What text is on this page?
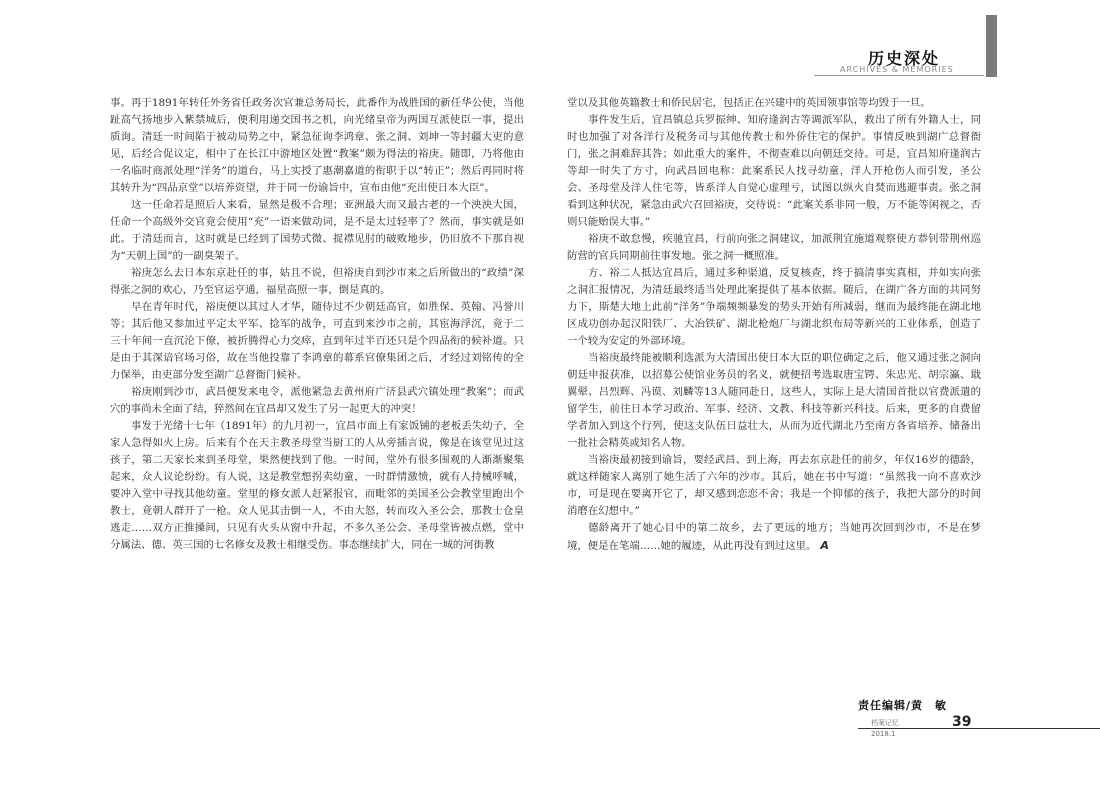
历史深处
ARCHIVES & MEMORIES

事。再于1891年转任外务省任政务次官兼总务局长，此番作为战胜国的新任华公使，当他趾高气扬地步入紫禁城后，便利用递交国书之机，向光绪皇帝为两国互派使臣一事，提出质询。清廷一时间陷于被动局势之中，紧急征询李鸿章、张之洞、刘坤一等封疆大吏的意见，后经合促议定，相中了在长江中游地区处置“教案”颇为得法的裕庚。随即，乃将他由一名临时商派处理“洋务”的道台，马上实授了惠潮嘉道的衔职于以“转正”；然后再同时将其转升为“四品京堂”以培养资望，并于同一份谕旨中，宣布由他“充出使日本大臣”。

这一任命若是照后人来看，显然是极不合理；亚洲最大而又最古老的一个泱泱大国，任命一个高级外交官竟会使用“充”一语来做动词，是不是太过轻率了？然而，事实就是如此。于清廷而言，这时就是已经到了国势式微、捉襟见肘的破败地步，仍旧放不下那自视为“天朝上国”的一副臭架子。

裕庚怎么去日本东京赴任的事，姑且不说，但裕庚自到沙市来之后所做出的“政绩”深得张之洞的欢心，乃至官运亨通，福星高照一事，倒是真的。

早在青年时代，裕庚便以其过人才华，随侍过不少朝廷高官，如胜保、英翰、冯誉川等；其后他又参加过平定太平军、捻军的战争，可直到来沙市之前，其宦海浮沉，竟于二三十年间一直沉沦下僚，被折腾得心力交瘁，直到年过半百还只是个四品衔的候补道。只是由于其深谙官场习俗，故在当他投靠了李鸿章的幕系官僚集团之后，才经过刘铭传的全力保举，由吏部分发至湖广总督衙门候补。

裕庚刚到沙市，武昌便发来电令，派他紧急去黄州府广济县武穴镇处理“教案”；而武穴的事尚未全面了结，猝然间在宜昌却又发生了另一起更大的冲突！

事发于光绪十七年（1891年）的九月初一，宜昌市面上有家饭铺的老板丢失幼子，全家人急得如火上房。后来有个在天主教圣母堂当厨工的人从旁插言说，像是在该堂见过这孩子，第二天家长来到圣母堂，果然便找到了他。一时间，堂外有很多围观的人渐渐聚集起来，众人议论纷纷。有人说，这是教堂想拐卖幼童，一时群情激愤，就有人持械呼喊，要冲入堂中寻找其他幼童。堂里的修女派人赶紧报官，而毗邻的美国圣公会教堂里跑出个教士，竟朝人群开了一枪。众人见其击倒一人，不由大怒，转而攻入圣公会，那教士仓皇逃走……双方正推搡间，只见有火头从窗中升起，不多久圣公会、圣母堂皆被点燃，堂中分属法、德、英三国的七名修女及教士相继受伤。事态继续扩大，同在一城的河街教

堂以及其他英籍教士和侨民居宅，包括正在兴建中的英国领事馆等均毁于一旦。

事件发生后，宜昌镇总兵罗振绅、知府逢润古等调派军队，救出了所有外籍人士，同时也加强了对各洋行及税务司与其他传教士和外侨住宅的保护。事情反映到湖广总督衙门，张之洞难辞其咎；如此重大的案件，不彻查难以向朝廷交待。可是，宜昌知府逢润古等却一时失了方寸，向武昌回电称：此案系民人找寻幼童，洋人开枪伤人而引发，圣公会、圣母堂及洋人住宅等，皆系洋人自觉心虚理亏，试图以纵火自焚而逃避事责。张之洞看到这种状况，紧急由武穴召回裕庚，交待说：“此案关系非同一般，万不能等闲视之，否则只能贻误大事。”

裕庚不敢怠慢，疾驰宜昌，行前向张之洞建议，加派荆宜施道观察使方恭钊带荆州巡防营的官兵同期前往事发地。张之洞一概照准。

方、裕二人抵达宜昌后，通过多种渠道，反复核查，终于搞清事实真相，并如实向张之洞汇报情况，为清廷最终适当处理此案提供了基本依据。随后，在湖广各方面的共同努力下，斯楚大地上此前“洋务”争端频频暴发的势头开始有所减弱，继而为最终能在湖北地区成功创办起汉阳铁厂、大冶铁矿、湖北枪炮厂与湖北织布局等新兴的工业体系，创造了一个较为安定的外部环境。

当裕庚最终能被顺利选派为大清国出使日本大臣的职位确定之后，他又通过张之洞向朝廷申报获准，以招募公使馆业务员的名义，就便招考选取唐宝锷、朱忠光、胡宗瀛、戢翼翚、吕烈辉、冯谟、刘麟等13人随同赴日，这些人，实际上是大清国首批以官费派遣的留学生，前往日本学习政治、军事、经济、文教、科技等新兴科技。后来，更多的自费留学者加入到这个行列，使这支队伍日益壮大，从而为近代湖北乃至南方各省培养、储备出一批社会精英或知名人物。

当裕庚最初接到谕旨，要经武昌、到上海，再去东京赴任的前夕，年仅16岁的德龄，就这样随家人离别了她生活了六年的沙市。其后，她在书中写道：“虽然我一向不喜欢沙市，可是现在要离开它了，却又感到恋恋不舍；我是一个抑郁的孩子，我把大部分的时间消磨在幻想中。”

德龄离开了她心目中的第二故乡，去了更远的地方；当她再次回到沙市，不是在梦境，便是在笔端……她的履迹，从此再没有到过这里。 A

责任编辑/黄　敏
档案记忆	39
2018.1
